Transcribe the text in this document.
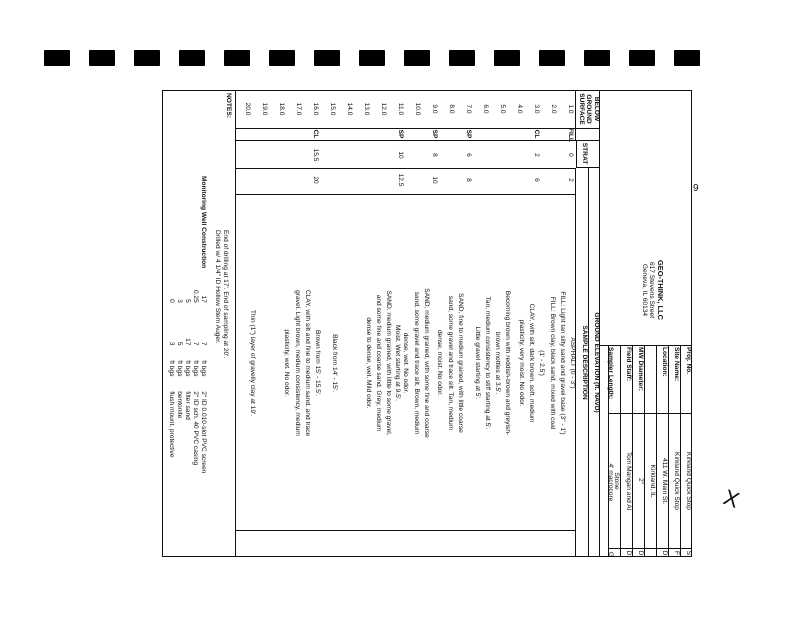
9
X
GEO-THINK, LLC
617 Stevens Street
Geneva, IL 60134
Proj. No.
Kirkland Quick Stop
S
Site Name:
Kirkland Quick Stop
F
Location:
411 W. Main St.
D
Kirkland, IL
MW Diameter:
2"
D
Field Staff:
Tom Mangan and Al
D
Stone
Sampler Length:
4' macrocore
G
BELOW GROUND SURFACE
STRAT
GROUND ELEVATION (ft. NAVD)
SAMPLE DESCRIPTION
1.0
FILL
0
2
2.0
3.0
CL
2
6
4.0
5.0
6.0
7.0
SP
6
8
8.0
9.0
SP
8
10
10.0
11.0
SP
10
12.5
12.0
13.0
14.0
15.0
16.0
CL
15.5
20
17.0
18.0
19.0
20.0
ASPHALT (0 - 3")
FILL: Light tan silty sand and gravel base (3" - 1')
FILL: Brown clay, black sand, mixed with coal
(1' - 2.5')
CLAY, with silt, dark brown, soft, medium
plasticity, very moist. No odor.
Becoming brown with reddish-brown and greyish-
brown mottles at 3.5'.
Tan, medium consistency to stiff starting at 5'.
Little gravel starting at 5'.
SAND, fine to medium grained, with little coarse
sand, some gravel and trace silt. Tan, medium
dense, moist. No odor.
SAND, medium grained, with some fine and coarse
sand, some gravel and trace silt. Brown, medium
dense, wet. No odor.
Moist. Wet starting at 9.5'.
SAND, medium grained, with little to some gravel,
and some fine and coarse sand. Grey, medium
dense to dense, wet. Mild odor.
Black from 14' - 15'.
Brown from 15' - 15.5'.
CLAY, with silt and fine to medium sand, and trace
gravel. Light brown, medium consistency, medium
plasticity, wet. No odor.
Thin (1") layer of gravelly clay at 19'.
NOTES:
End of drilling at 17'. End of sampling at 20'.
Drilled w/ 4 1/4" ID Hollow Stem Auger.
Monitoring Well Construction
17
7
ft bgs
2" ID 0.010-slot PVC screen
0.25
7
ft bgs
2" ID sch. 40 PVC casing
5
17
ft bgs
filter sand
3
5
ft bgs
bentonite
0
3
ft bgs
flush mount, protective
